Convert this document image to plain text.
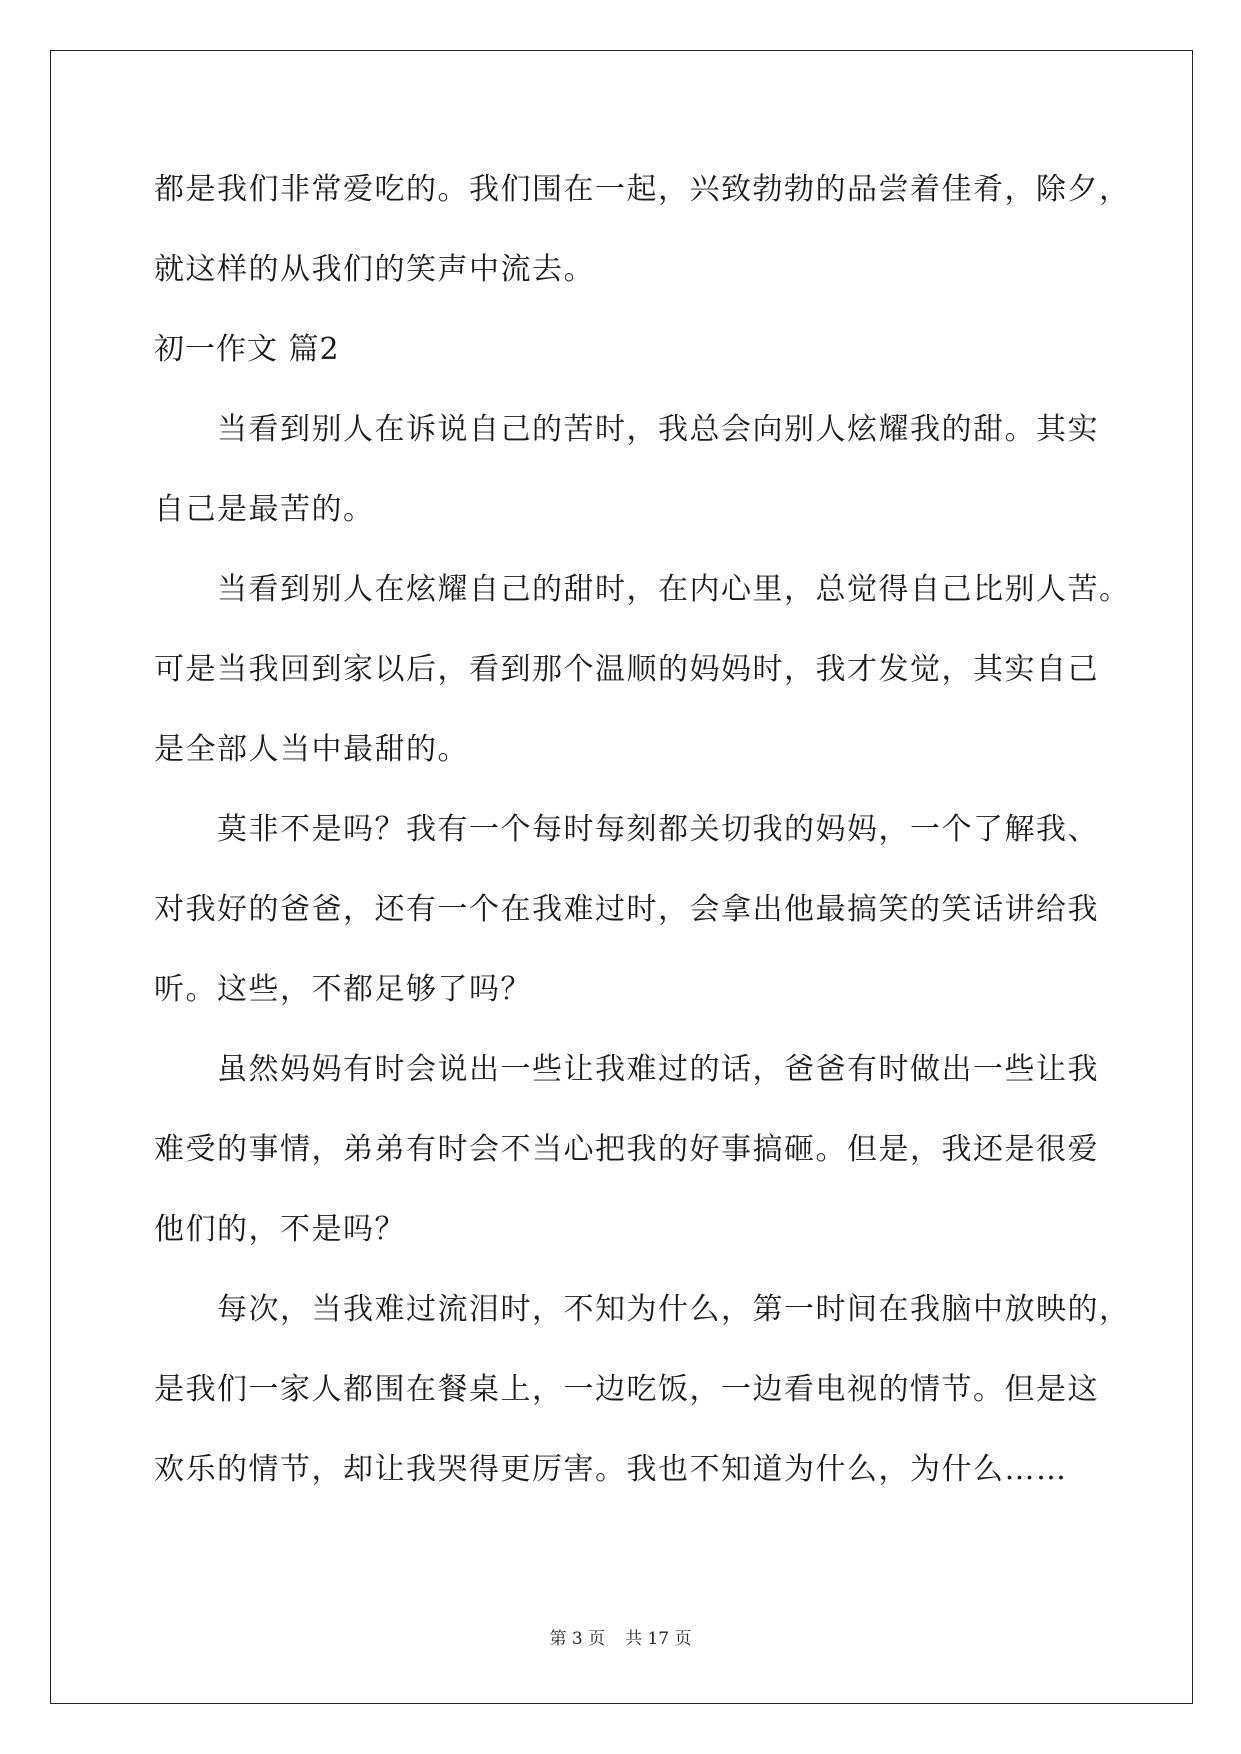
都是我们非常爱吃的。我们围在一起，兴致勃勃的品尝着佳肴，除夕，
就这样的从我们的笑声中流去。
初一作文 篇2
当看到别人在诉说自己的苦时，我总会向别人炫耀我的甜。其实
自己是最苦的。
当看到别人在炫耀自己的甜时，在内心里，总觉得自己比别人苦。
可是当我回到家以后，看到那个温顺的妈妈时，我才发觉，其实自己
是全部人当中最甜的。
莫非不是吗？我有一个每时每刻都关切我的妈妈，一个了解我、
对我好的爸爸，还有一个在我难过时，会拿出他最搞笑的笑话讲给我
听。这些，不都足够了吗？
虽然妈妈有时会说出一些让我难过的话，爸爸有时做出一些让我
难受的事情，弟弟有时会不当心把我的好事搞砸。但是，我还是很爱
他们的，不是吗？
每次，当我难过流泪时，不知为什么，第一时间在我脑中放映的，
是我们一家人都围在餐桌上，一边吃饭，一边看电视的情节。但是这
欢乐的情节，却让我哭得更厉害。我也不知道为什么，为什么……
第 3 页 共 17 页
